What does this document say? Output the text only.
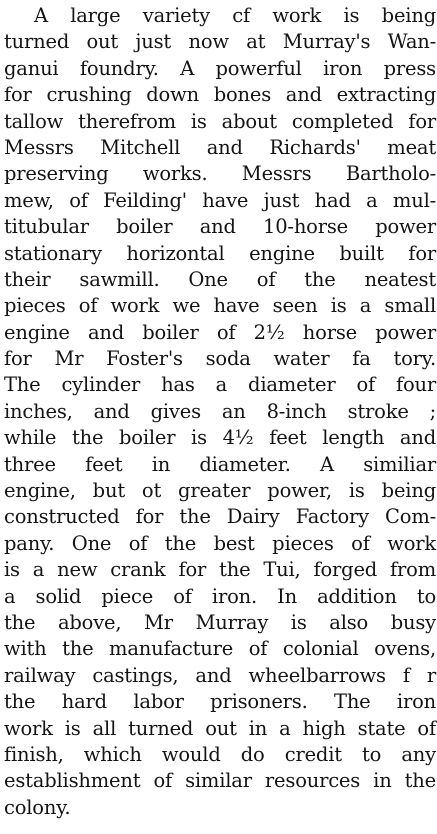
A large variety cf work is being
turned out just now at Murray's Wan-
ganui foundry. A powerful iron press
for crushing down bones and extracting
tallow therefrom is about completed for
Messrs Mitchell and Richards' meat
preserving works. Messrs Bartholo-
mew, of Feilding' have just had a mul-
titubular boiler and 10-horse power
stationary horizontal engine built for
their sawmill. One of the neatest
pieces of work we have seen is a small
engine and boiler of 2½ horse power
for Mr Foster's soda water fa tory.
The cylinder has a diameter of four
inches, and gives an 8-inch stroke ;
while the boiler is 4½ feet length and
three feet in diameter. A similiar
engine, but ot greater power, is being
constructed for the Dairy Factory Com-
pany. One of the best pieces of work
is a new crank for the Tui, forged from
a solid piece of iron. In addition to
the above, Mr Murray is also busy
with the manufacture of colonial ovens,
railway castings, and wheelbarrows f r
the hard labor prisoners. The iron
work is all turned out in a high state of
finish, which would do credit to any
establishment of similar resources in the
colony.
